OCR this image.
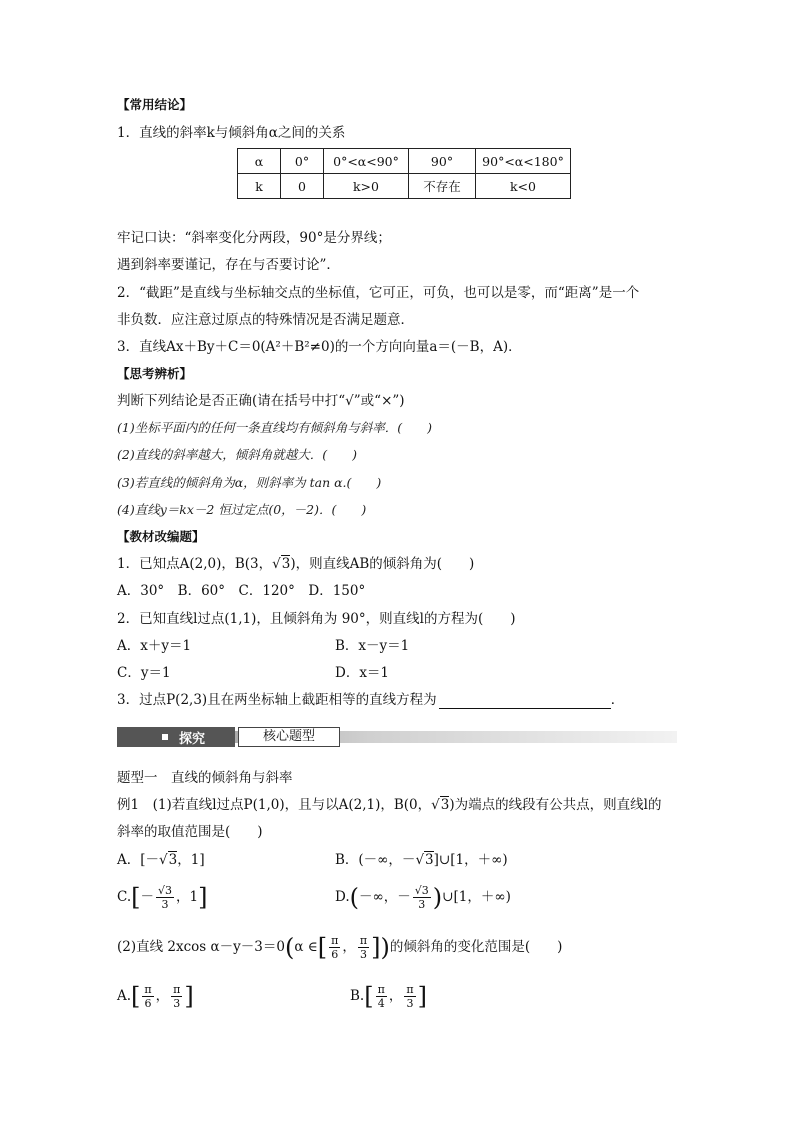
【常用结论】
1．直线的斜率k与倾斜角α之间的关系
α	0°	0°<α<90°	90°	90°<α<180°
k	0	k>0	不存在	k<0
牢记口诀：“斜率变化分两段，90°是分界线；
遇到斜率要谨记，存在与否要讨论”．
2．“截距”是直线与坐标轴交点的坐标值，它可正，可负，也可以是零，而“距离”是一个
非负数．应注意过原点的特殊情况是否满足题意．
3．直线Ax＋By＋C＝0(A²＋B²≠0)的一个方向向量a＝(－B，A)．
【思考辨析】
判断下列结论是否正确(请在括号中打“√”或“×”)
(1)坐标平面内的任何一条直线均有倾斜角与斜率．(　　)
(2)直线的斜率越大，倾斜角就越大．(　　)
(3)若直线的倾斜角为α，则斜率为 tan α.(　　)
(4)直线y＝kx－2 恒过定点(0，－2)．(　　)
【教材改编题】
1．已知点A(2,0)，B(3，√3)，则直线AB的倾斜角为(　　)
A．30°　B．60°　C．120°　D．150°
2．已知直线l过点(1,1)，且倾斜角为 90°，则直线l的方程为(　　)
A．x＋y＝1	B．x－y＝1
C．y＝1	D．x＝1
3．过点P(2,3)且在两坐标轴上截距相等的直线方程为	．
探究	核心题型
题型一　直线的倾斜角与斜率
例1　(1)若直线l过点P(1,0)，且与以A(2,1)，B(0，√3)为端点的线段有公共点，则直线l的
斜率的取值范围是(　　)
A．[－√3，1]	B．(－∞，－√3]∪[1，＋∞)
$C.[- \frac{√3}{3}$ ，1]	D.(－∞，－ $\frac{√3}{3}$ )∪[1，＋∞)
(2)直线 2xcos α－y－3＝0(α ∈[ $\frac{\pi}{6}$ ， $\frac{\pi}{3}$ ])的倾斜角的变化范围是(　　)
$A.[ \frac{\pi}{6}$ ， $\frac{\pi}{3}$ ]	$B.[ \frac{\pi}{4}$ ， $\frac{\pi}{3}$ ]
